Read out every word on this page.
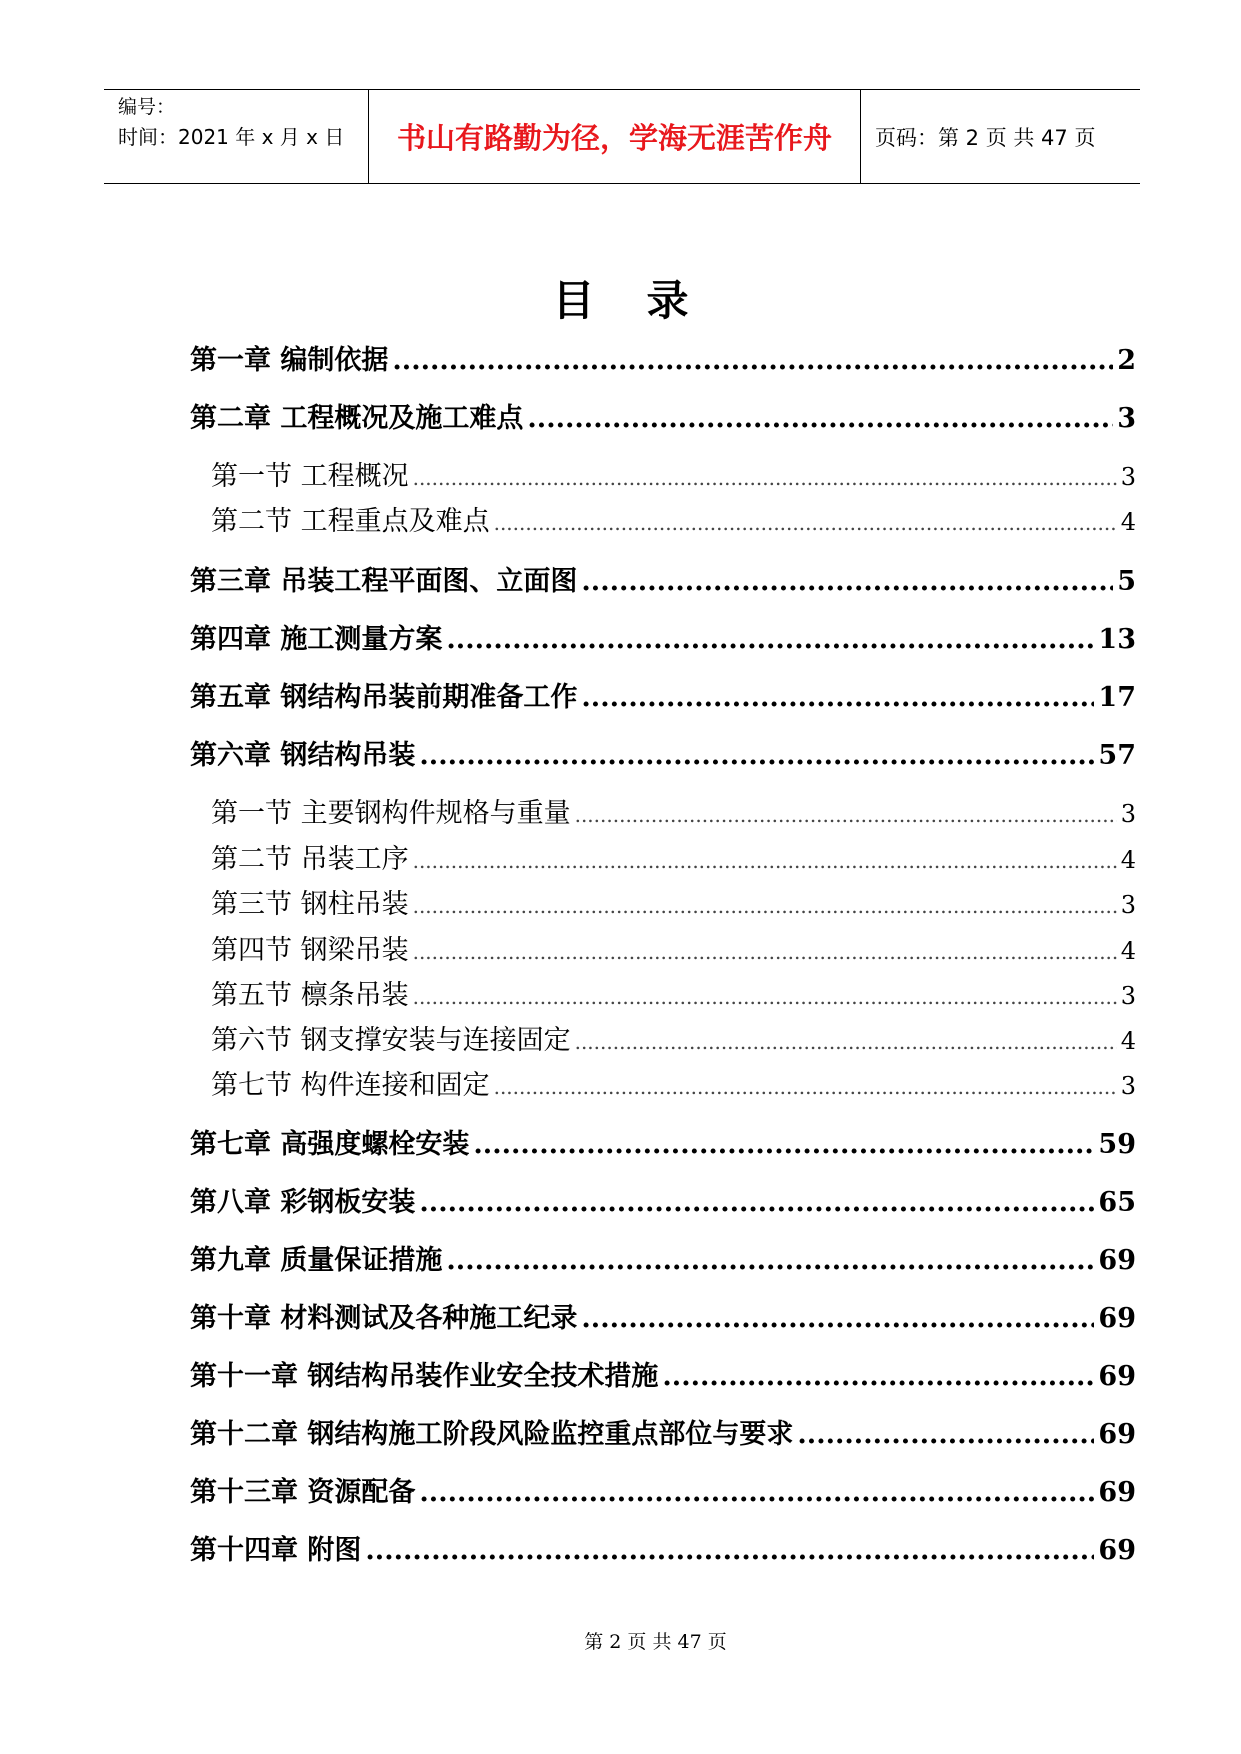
编号：
时间：2021 年 x 月 x 日 书山有路勤为径，学海无涯苦作舟 页码：第 2 页 共 47 页
目录
第一章 编制依据 .....	2
第二章 工程概况及施工难点 .....	3
第一节 工程概况 .....	3
第二节 工程重点及难点 .....	4
第三章 吊装工程平面图、立面图 .....	5
第四章 施工测量方案 .....	13
第五章 钢结构吊装前期准备工作 .....	17
第六章 钢结构吊装 .....	57
第一节 主要钢构件规格与重量 .....	3
第二节 吊装工序 .....	4
第三节 钢柱吊装 .....	3
第四节 钢梁吊装 .....	4
第五节 檩条吊装 .....	3
第六节 钢支撑安装与连接固定 .....	4
第七节 构件连接和固定 .....	3
第七章 高强度螺栓安装 .....	59
第八章 彩钢板安装 .....	65
第九章 质量保证措施 .....	69
第十章 材料测试及各种施工纪录 .....	69
第十一章 钢结构吊装作业安全技术措施 .....	69
第十二章 钢结构施工阶段风险监控重点部位与要求 .....	69
第十三章 资源配备 .....	69
第十四章 附图 .....	69
第 2 页 共 47 页
